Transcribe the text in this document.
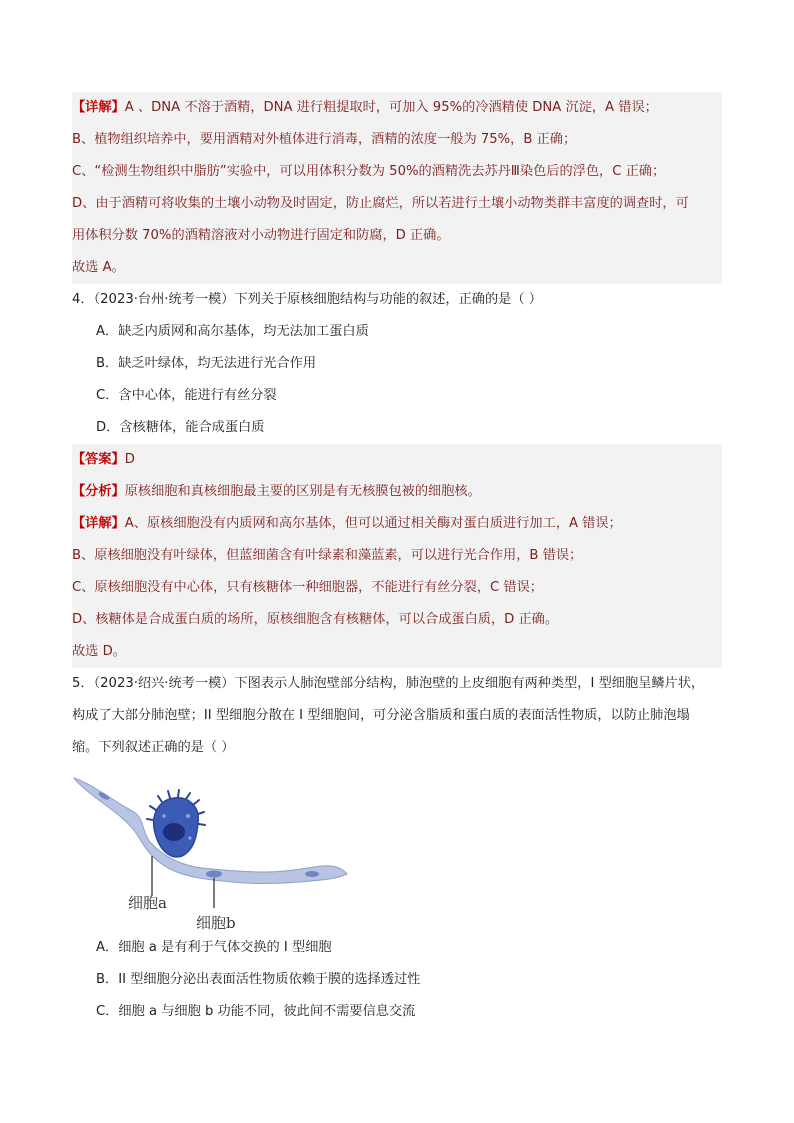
【详解】A 、DNA 不溶于酒精，DNA 进行粗提取时，可加入 95%的冷酒精使 DNA 沉淀，A 错误；
B、植物组织培养中，要用酒精对外植体进行消毒，酒精的浓度一般为 75%，B 正确；
C、“检测生物组织中脂肪”实验中，可以用体积分数为 50%的酒精洗去苏丹Ⅲ染色后的浮色，C 正确；
D、由于酒精可将收集的土壤小动物及时固定，防止腐烂，所以若进行土壤小动物类群丰富度的调查时，可
用体积分数 70%的酒精溶液对小动物进行固定和防腐，D 正确。
故选 A。
4．（2023·台州·统考一模）下列关于原核细胞结构与功能的叙述，正确的是（ ）
A．缺乏内质网和高尔基体，均无法加工蛋白质
B．缺乏叶绿体，均无法进行光合作用
C．含中心体，能进行有丝分裂
D．含核糖体，能合成蛋白质
【答案】D
【分析】原核细胞和真核细胞最主要的区别是有无核膜包被的细胞核。
【详解】A、原核细胞没有内质网和高尔基体，但可以通过相关酶对蛋白质进行加工，A 错误；
B、原核细胞没有叶绿体，但蓝细菌含有叶绿素和藻蓝素，可以进行光合作用，B 错误；
C、原核细胞没有中心体，只有核糖体一种细胞器，不能进行有丝分裂，C 错误；
D、核糖体是合成蛋白质的场所，原核细胞含有核糖体，可以合成蛋白质，D 正确。
故选 D。
5．（2023·绍兴·统考一模）下图表示人肺泡壁部分结构，肺泡壁的上皮细胞有两种类型，I 型细胞呈鳞片状，
构成了大部分肺泡壁；II 型细胞分散在 I 型细胞间，可分泌含脂质和蛋白质的表面活性物质，以防止肺泡塌
缩。下列叙述正确的是（ ）
细胞a
细胞b
A．细胞 a 是有利于气体交换的 I 型细胞
B．II 型细胞分泌出表面活性物质依赖于膜的选择透过性
C．细胞 a 与细胞 b 功能不同，彼此间不需要信息交流
